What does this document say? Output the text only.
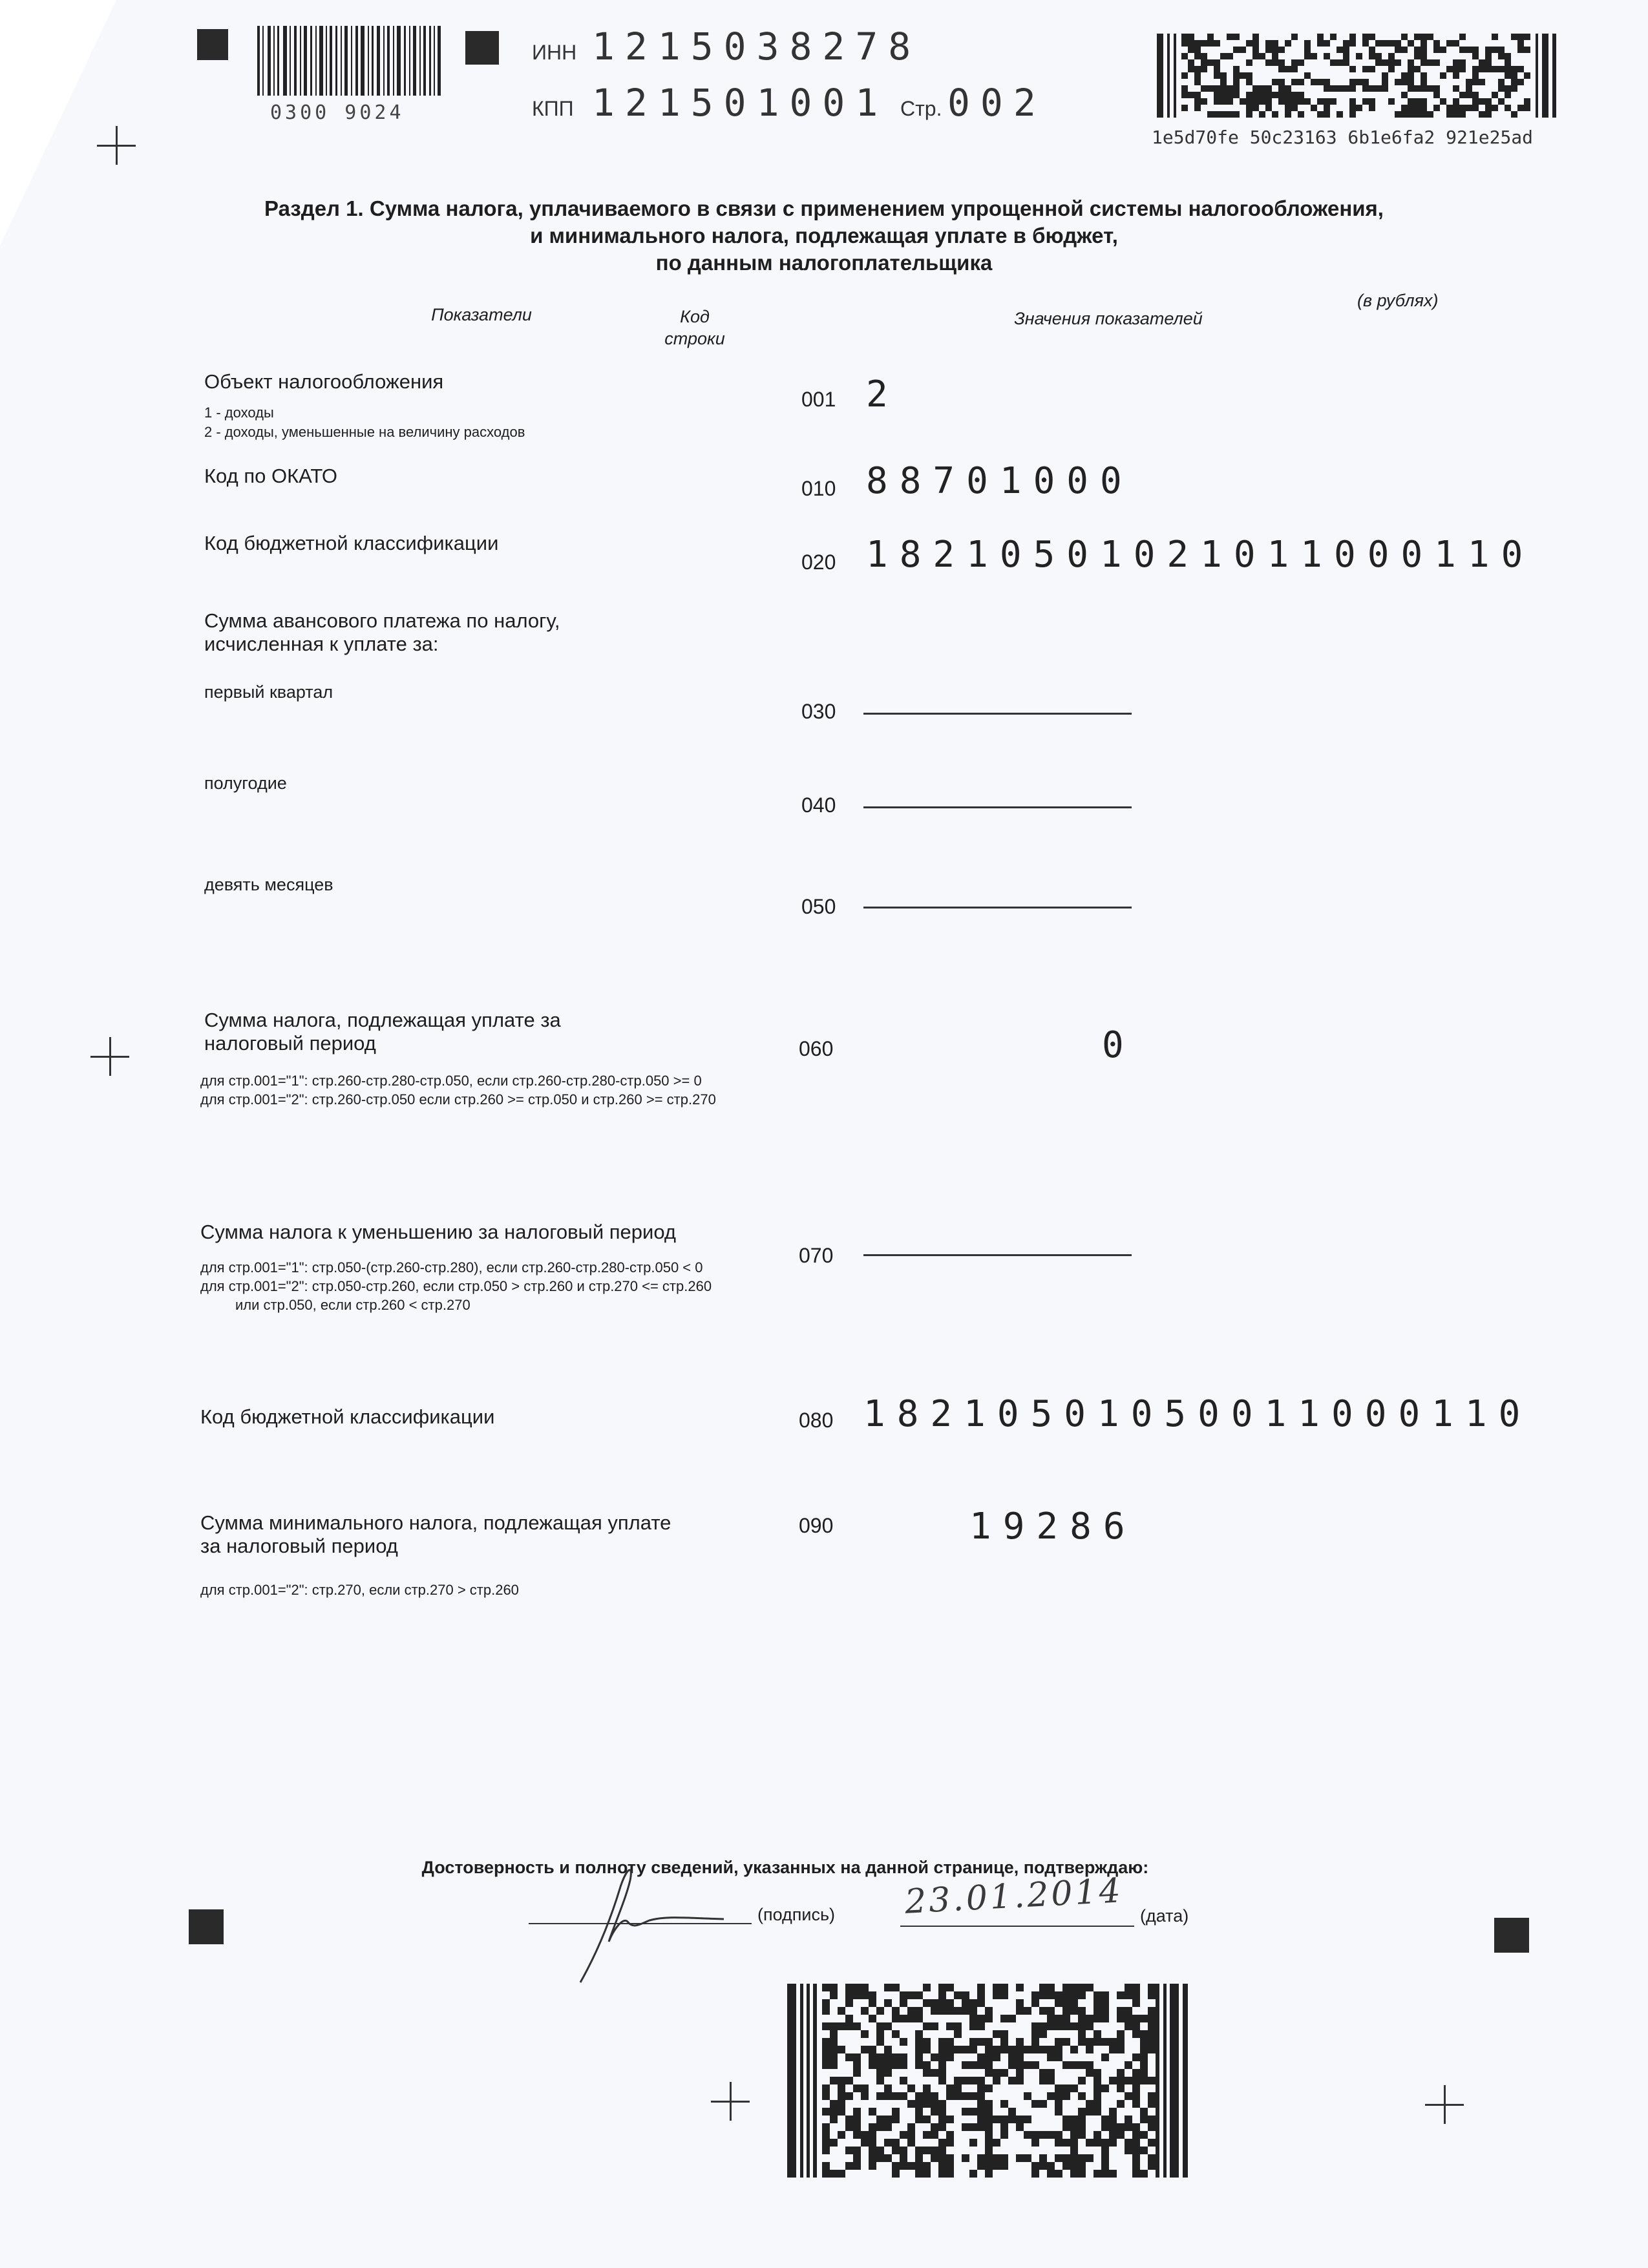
0300 9024
ИНН 1215038278
КПП 121501001 Стр. 002
1e5d70fe 50c23163 6b1e6fa2 921e25ad
Раздел 1. Сумма налога, уплачиваемого в связи с применением упрощенной системы налогообложения,
и минимального налога, подлежащая уплате в бюджет,
по данным налогоплательщика
(в рублях)
Показатели	Код
строки
Значения показателей
Объект налогообложения
1 - доходы
2 - доходы, уменьшенные на величину расходов
001 2
Код по ОКАТО
010 88701000
Код бюджетной классификации
020 18210501021011000110
Сумма авансового платежа по налогу,
исчисленная к уплате за:
первый квартал
030
полугодие
040
девять месяцев
050
Сумма налога, подлежащая уплате за
налоговый период
для стр.001="1": стр.260-стр.280-стр.050, если стр.260-стр.280-стр.050 >= 0
для стр.001="2": стр.260-стр.050 если стр.260 >= стр.050 и стр.260 >= стр.270
060	0
Сумма налога к уменьшению за налоговый период
для стр.001="1": стр.050-(стр.260-стр.280), если стр.260-стр.280-стр.050 < 0
для стр.001="2": стр.050-стр.260, если стр.050 > стр.260 и стр.270 <= стр.260
или стр.050, если стр.260 < стр.270
070
Код бюджетной классификации	080 18210501050011000110
Сумма минимального налога, подлежащая уплате
за налоговый период
для стр.001="2": стр.270, если стр.270 > стр.260
090	19286
Достоверность и полноту сведений, указанных на данной странице, подтверждаю:
(подпись) 23.01.2014 (дата)
